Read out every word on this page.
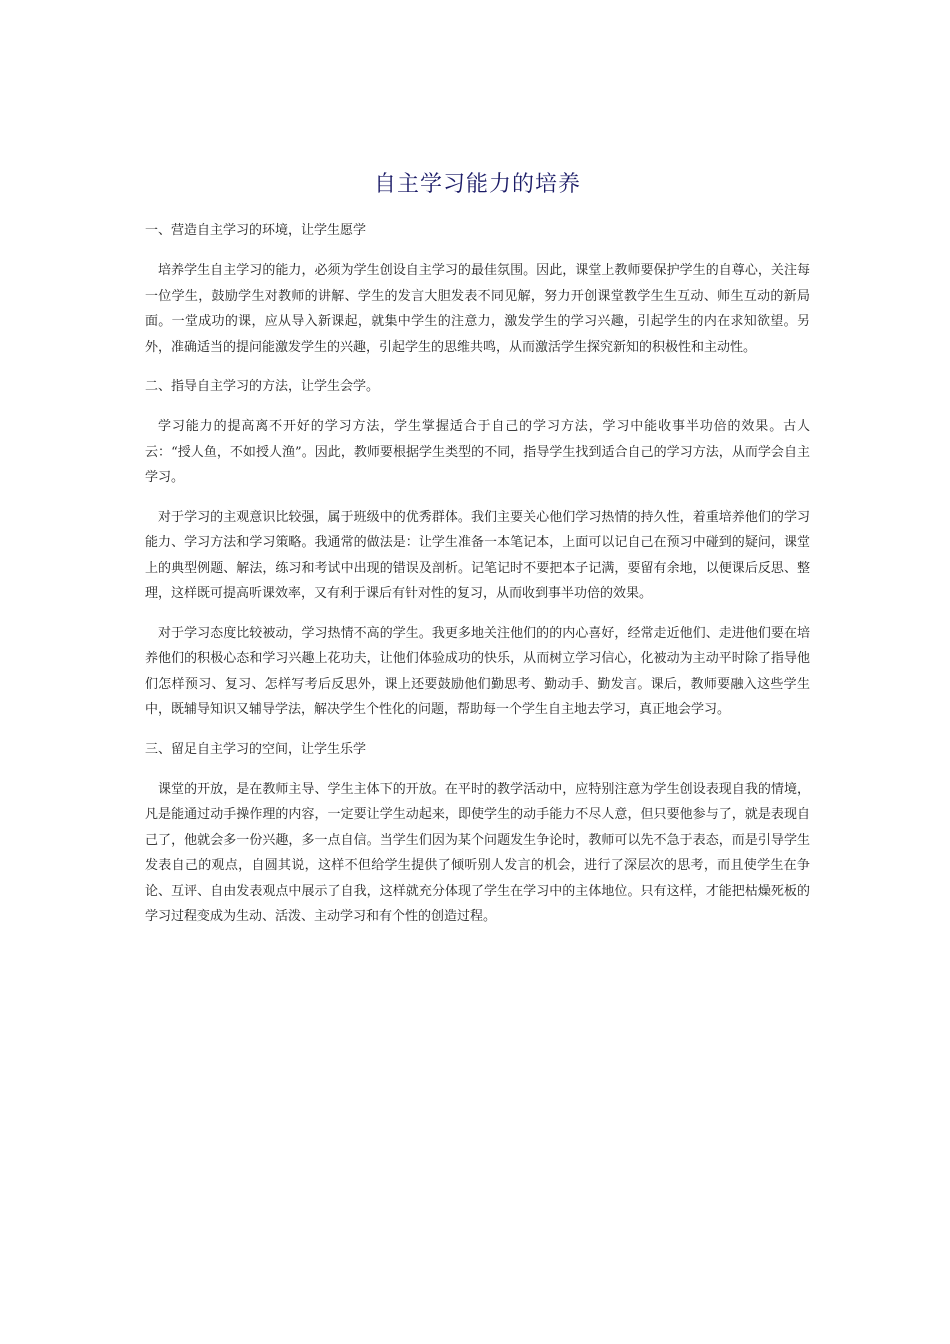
自主学习能力的培养

一、营造自主学习的环境，让学生愿学

培养学生自主学习的能力，必须为学生创设自主学习的最佳氛围。因此，课堂上教师要保护学生的自尊心，关注每一位学生，鼓励学生对教师的讲解、学生的发言大胆发表不同见解，努力开创课堂教学生生互动、师生互动的新局面。一堂成功的课，应从导入新课起，就集中学生的注意力，激发学生的学习兴趣，引起学生的内在求知欲望。另外，准确适当的提问能激发学生的兴趣，引起学生的思维共鸣，从而激活学生探究新知的积极性和主动性。

二、指导自主学习的方法，让学生会学。

学习能力的提高离不开好的学习方法，学生掌握适合于自己的学习方法，学习中能收事半功倍的效果。古人云：“授人鱼，不如授人渔”。因此，教师要根据学生类型的不同，指导学生找到适合自己的学习方法，从而学会自主学习。

对于学习的主观意识比较强，属于班级中的优秀群体。我们主要关心他们学习热情的持久性，着重培养他们的学习能力、学习方法和学习策略。我通常的做法是：让学生准备一本笔记本，上面可以记自己在预习中碰到的疑问，课堂上的典型例题、解法，练习和考试中出现的错误及剖析。记笔记时不要把本子记满，要留有余地，以便课后反思、整理，这样既可提高听课效率，又有利于课后有针对性的复习，从而收到事半功倍的效果。

对于学习态度比较被动，学习热情不高的学生。我更多地关注他们的的内心喜好，经常走近他们、走进他们要在培养他们的积极心态和学习兴趣上花功夫，让他们体验成功的快乐，从而树立学习信心，化被动为主动平时除了指导他们怎样预习、复习、怎样写考后反思外，课上还要鼓励他们勤思考、勤动手、勤发言。课后，教师要融入这些学生中，既辅导知识又辅导学法，解决学生个性化的问题，帮助每一个学生自主地去学习，真正地会学习。

三、留足自主学习的空间，让学生乐学

课堂的开放，是在教师主导、学生主体下的开放。在平时的教学活动中，应特别注意为学生创设表现自我的情境，凡是能通过动手操作理的内容，一定要让学生动起来，即使学生的动手能力不尽人意，但只要他参与了，就是表现自己了，他就会多一份兴趣，多一点自信。当学生们因为某个问题发生争论时，教师可以先不急于表态，而是引导学生发表自己的观点，自圆其说，这样不但给学生提供了倾听别人发言的机会，进行了深层次的思考，而且使学生在争论、互评、自由发表观点中展示了自我，这样就充分体现了学生在学习中的主体地位。只有这样，才能把枯燥死板的学习过程变成为生动、活泼、主动学习和有个性的创造过程。
